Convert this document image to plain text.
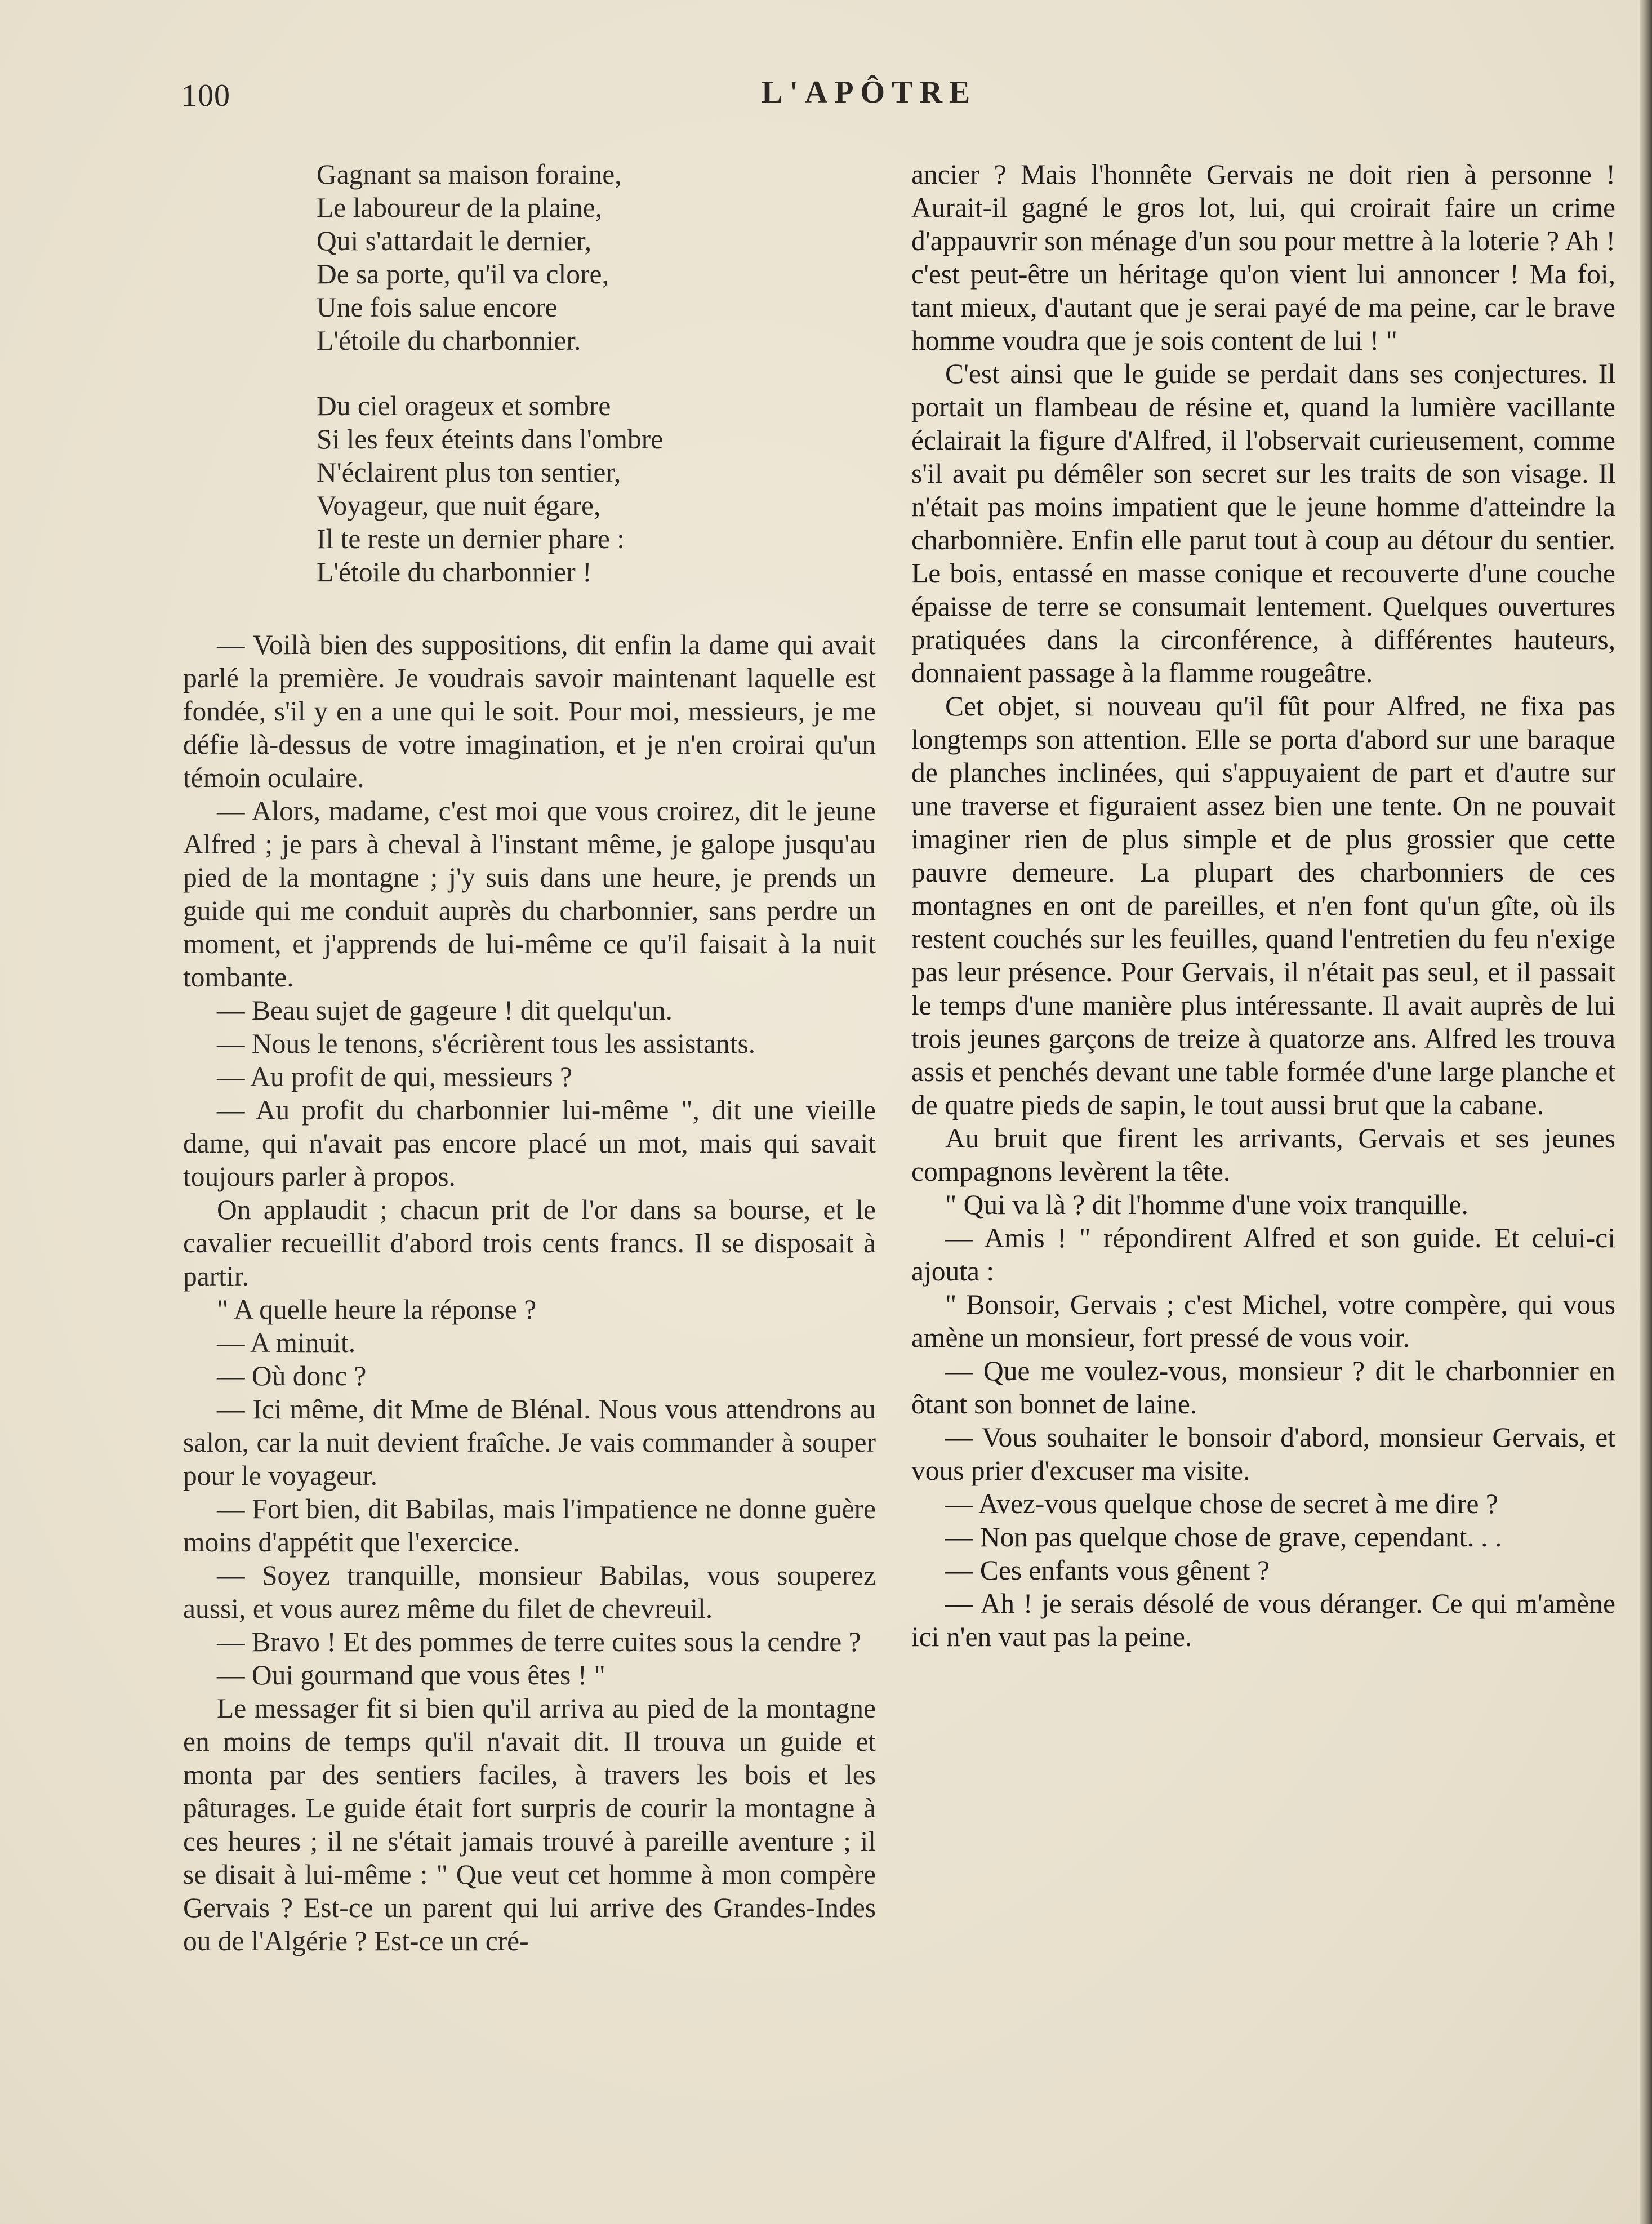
100	L'APÔTRE
Gagnant sa maison foraine,
Le laboureur de la plaine,
Qui s'attardait le dernier,
De sa porte, qu'il va clore,
Une fois salue encore
L'étoile du charbonnier.
Du ciel orageux et sombre
Si les feux éteints dans l'ombre
N'éclairent plus ton sentier,
Voyageur, que nuit égare,
Il te reste un dernier phare :
L'étoile du charbonnier !

— Voilà bien des suppositions, dit enfin la dame qui avait parlé la première. Je voudrais savoir maintenant laquelle est fondée, s'il y en a une qui le soit. Pour moi, messieurs, je me défie là-dessus de votre imagination, et je n'en croirai qu'un témoin oculaire.

— Alors, madame, c'est moi que vous croirez, dit le jeune Alfred ; je pars à cheval à l'instant même, je galope jusqu'au pied de la montagne ; j'y suis dans une heure, je prends un guide qui me conduit auprès du charbonnier, sans perdre un moment, et j'apprends de lui-même ce qu'il faisait à la nuit tombante.

— Beau sujet de gageure ! dit quelqu'un.

— Nous le tenons, s'écrièrent tous les assistants.

— Au profit de qui, messieurs ?

— Au profit du charbonnier lui-même ", dit une vieille dame, qui n'avait pas encore placé un mot, mais qui savait toujours parler à propos.

On applaudit ; chacun prit de l'or dans sa bourse, et le cavalier recueillit d'abord trois cents francs. Il se disposait à partir.

" A quelle heure la réponse ?

— A minuit.

— Où donc ?

— Ici même, dit Mme de Blénal. Nous vous attendrons au salon, car la nuit devient fraîche. Je vais commander à souper pour le voyageur.

— Fort bien, dit Babilas, mais l'impatience ne donne guère moins d'appétit que l'exercice.

— Soyez tranquille, monsieur Babilas, vous souperez aussi, et vous aurez même du filet de chevreuil.

— Bravo ! Et des pommes de terre cuites sous la cendre ?

— Oui gourmand que vous êtes ! "

Le messager fit si bien qu'il arriva au pied de la montagne en moins de temps qu'il n'avait dit. Il trouva un guide et monta par des sentiers faciles, à travers les bois et les pâturages. Le guide était fort surpris de courir la montagne à ces heures ; il ne s'était jamais trouvé à pareille aventure ; il se disait à lui-même : " Que veut cet homme à mon compère Gervais ? Est-ce un parent qui lui arrive des Grandes-Indes ou de l'Algérie ? Est-ce un cré-

ancier ? Mais l'honnête Gervais ne doit rien à personne ! Aurait-il gagné le gros lot, lui, qui croirait faire un crime d'appauvrir son ménage d'un sou pour mettre à la loterie ? Ah ! c'est peut-être un héritage qu'on vient lui annoncer ! Ma foi, tant mieux, d'autant que je serai payé de ma peine, car le brave homme voudra que je sois content de lui ! "

C'est ainsi que le guide se perdait dans ses conjectures. Il portait un flambeau de résine et, quand la lumière vacillante éclairait la figure d'Alfred, il l'observait curieusement, comme s'il avait pu démêler son secret sur les traits de son visage. Il n'était pas moins impatient que le jeune homme d'atteindre la charbonnière. Enfin elle parut tout à coup au détour du sentier. Le bois, entassé en masse conique et recouverte d'une couche épaisse de terre se consumait lentement. Quelques ouvertures pratiquées dans la circonférence, à différentes hauteurs, donnaient passage à la flamme rougeâtre.

Cet objet, si nouveau qu'il fût pour Alfred, ne fixa pas longtemps son attention. Elle se porta d'abord sur une baraque de planches inclinées, qui s'appuyaient de part et d'autre sur une traverse et figuraient assez bien une tente. On ne pouvait imaginer rien de plus simple et de plus grossier que cette pauvre demeure. La plupart des charbonniers de ces montagnes en ont de pareilles, et n'en font qu'un gîte, où ils restent couchés sur les feuilles, quand l'entretien du feu n'exige pas leur présence. Pour Gervais, il n'était pas seul, et il passait le temps d'une manière plus intéressante. Il avait auprès de lui trois jeunes garçons de treize à quatorze ans. Alfred les trouva assis et penchés devant une table formée d'une large planche et de quatre pieds de sapin, le tout aussi brut que la cabane.

Au bruit que firent les arrivants, Gervais et ses jeunes compagnons levèrent la tête.

" Qui va là ? dit l'homme d'une voix tranquille.

— Amis ! " répondirent Alfred et son guide. Et celui-ci ajouta :

" Bonsoir, Gervais ; c'est Michel, votre compère, qui vous amène un monsieur, fort pressé de vous voir.

— Que me voulez-vous, monsieur ? dit le charbonnier en ôtant son bonnet de laine.

— Vous souhaiter le bonsoir d'abord, monsieur Gervais, et vous prier d'excuser ma visite.

— Avez-vous quelque chose de secret à me dire ?

— Non pas quelque chose de grave, cependant. . .

— Ces enfants vous gênent ?

— Ah ! je serais désolé de vous déranger. Ce qui m'amène ici n'en vaut pas la peine.
